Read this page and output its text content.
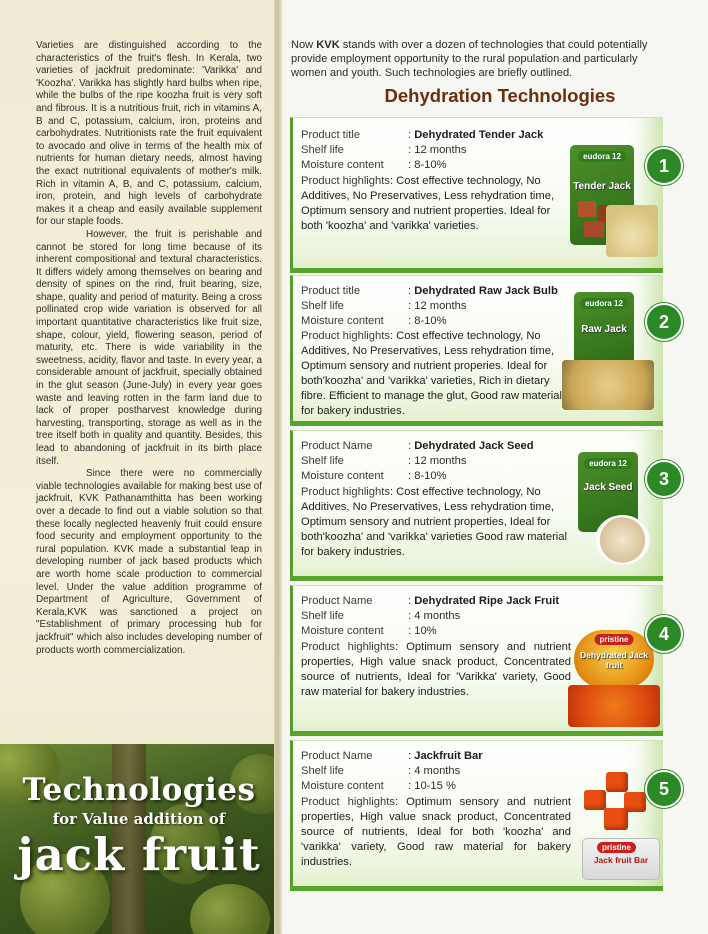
Varieties are distinguished according to the characteristics of the fruit's flesh. In Kerala, two varieties of jackfruit predominate: 'Varikka' and 'Koozha'. Varikka has slightly hard bulbs when ripe, while the bulbs of the ripe koozha fruit is very soft and fibrous. It is a nutritious fruit, rich in vitamins A, B and C, potassium, calcium, iron, proteins and carbohydrates. Nutritionists rate the fruit equivalent to avocado and olive in terms of the health mix of nutrients for human dietary needs, almost having the exact nutritional equivalents of mother's milk. Rich in vitamin A, B, and C, potassium, calcium, iron, protein, and high levels of carbohydrate makes it a cheap and easily available supplement for our staple foods.

However, the fruit is perishable and cannot be stored for long time because of its inherent compositional and textural characteristics. It differs widely among themselves on bearing and density of spines on the rind, fruit bearing, size, shape, quality and period of maturity. Being a cross pollinated crop wide variation is observed for all important quantitative characteristics like fruit size, shape, colour, yield, flowering season, period of maturity, etc. There is wide variability in the sweetness, acidity, flavor and taste. In every year, a considerable amount of jackfruit, specially obtained in the glut season (June-July) in every year goes waste and leaving rotten in the farm land due to lack of proper postharvest knowledge during harvesting, transporting, storage as well as in the tree itself both in quality and quantity. Besides, this lead to abandoning of jackfruit in its birth place itself.

Since there were no commercially viable technologies available for making best use of jackfruit, KVK Pathanamthitta has been working over a decade to find out a viable solution so that these locally neglected heavenly fruit could ensure food security and employment opportunity to the rural population. KVK made a substantial leap in developing number of jack based products which are worth home scale production to commercial level. Under the value addition programme of Department of Agriculture, Government of Kerala,KVK was sanctioned a project on "Establishment of primary processing hub for jackfruit" which also includes developing number of products worth commercialization.

Technologies
for Value addition of
jack fruit

Now KVK stands with over a dozen of technologies that could potentially provide employment opportunity to the rural population and particularly women and youth. Such technologies are briefly outlined.

Dehydration Technologies
Product title	: Dehydrated Tender Jack
Shelf life	: 12 months
Moisture content : 8-10%

Product highlights: Cost effective technology, No Additives, No Preservatives, Less rehydration time, Optimum sensory and nutrient properties. Ideal for both 'koozha' and 'varikka' varieties.

eudora 12
Tender Jack
1
Product title	: Dehydrated Raw Jack Bulb
Shelf life	: 12 months
Moisture content : 8-10%

Product highlights: Cost effective technology, No Additives, No Preservatives, Less rehydration time, Optimum sensory and nutrient properies. Ideal for both'koozha' and 'varikka' varieties, Rich in dietary fibre. Efficient to manage the glut, Good raw material for bakery industries.

eudora 12
Raw Jack	2
Product Name	: Dehydrated Jack Seed
Shelf life	: 12 months
Moisture content : 8-10%

Product highlights: Cost effective technology, No Additives, No Preservatives, Less rehydration time, Optimum sensory and nutrient properties, Ideal for both'koozha' and 'varikka' varieties Good raw material for bakery industries.

eudora 12
Jack Seed	3
Product Name	: Dehydrated Ripe Jack Fruit
Shelf life	: 4 months
Moisture content : 10%

Product highlights: Optimum sensory and nutrient properties, High value snack product, Concentrated source of nutrients, Ideal for 'Varikka' variety, Good raw material for bakery industries.

pristine
Dehydrated Jack fruit
4
Product Name	: Jackfruit Bar
Shelf life	: 4 months
Moisture content : 10-15 %

Product highlights: Optimum sensory and nutrient properties, High value snack product, Concentrated source of nutrients, Ideal for both 'koozha' and 'varikka' variety, Good raw material for bakery industries.

pristine
Jack fruit Bar
5
